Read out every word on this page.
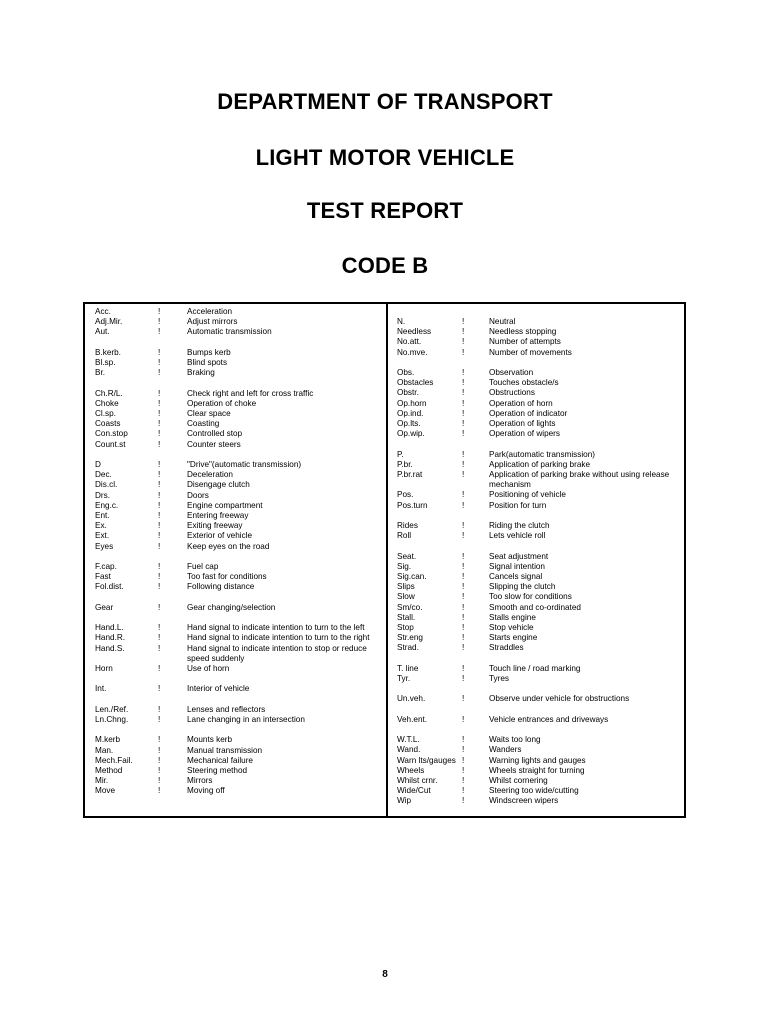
DEPARTMENT OF TRANSPORT
LIGHT MOTOR VEHICLE
TEST REPORT
CODE B
Acc.	!	Acceleration
Adj.Mir.	!	Adjust mirrors
Aut.	!	Automatic transmission
B.kerb.	!	Bumps kerb
Bl.sp.	!	Blind spots
Br.	!	Braking
Ch.R/L.	!	Check right and left for cross traffic
Choke	!	Operation of choke
Cl.sp.	!	Clear space
Coasts	!	Coasting
Con.stop	!	Controlled stop
Count.st	!	Counter steers
D	!	"Drive"(automatic transmission)
Dec.	!	Deceleration
Dis.cl.	!	Disengage clutch
Drs.	!	Doors
Eng.c.	!	Engine compartment
Ent.	!	Entering freeway
Ex.	!	Exiting freeway
Ext.	!	Exterior of vehicle
Eyes	!	Keep eyes on the road
F.cap.	!	Fuel cap
Fast	!	Too fast for conditions
Fol.dist.	!	Following distance
Gear	!	Gear changing/selection
Hand.L.	!	Hand signal to indicate intention to turn to the left
Hand.R.	!	Hand signal to indicate intention to turn to the right
Hand.S.	!	Hand signal to indicate intention to stop or reduce speed suddenly
Horn	!	Use of horn
Int.	!	Interior of vehicle
Len./Ref.	!	Lenses and reflectors
Ln.Chng.	!	Lane changing in an intersection
M.kerb	!	Mounts kerb
Man.	!	Manual transmission
Mech.Fail.	!	Mechanical failure
Method	!	Steering method
Mir.	!	Mirrors
Move	!	Moving off
N.	!	Neutral
Needless	!	Needless stopping
No.att.	!	Number of attempts
No.mve.	!	Number of movements
Obs.	!	Observation
Obstacles	!	Touches obstacle/s
Obstr.	!	Obstructions
Op.horn	!	Operation of horn
Op.ind.	!	Operation of indicator
Op.lts.	!	Operation of lights
Op.wip.	!	Operation of wipers
P.	!	Park(automatic transmission)
P.br.	!	Application of parking brake
P.br.rat	!	Application of parking brake without using release mechanism
Pos.	!	Positioning of vehicle
Pos.turn	!	Position for turn
Rides	!	Riding the clutch
Roll	!	Lets vehicle roll
Seat.	!	Seat adjustment
Sig.	!	Signal intention
Sig.can.	!	Cancels signal
Slips	!	Slipping the clutch
Slow	!	Too slow for conditions
Sm/co.	!	Smooth and co-ordinated
Stall.	!	Stalls engine
Stop	!	Stop vehicle
Str.eng	!	Starts engine
Strad.	!	Straddles
T. line	!	Touch line / road marking
Tyr.	!	Tyres
Un.veh.	!	Observe under vehicle for obstructions
Veh.ent.	!	Vehicle entrances and driveways
W.T.L.	!	Waits too long
Wand.	!	Wanders
Warn lts/gauges !	Warning lights and gauges
Wheels	!	Wheels straight for turning
Whilst crnr.	!	Whilst cornering
Wide/Cut	!	Steering too wide/cutting
Wip	!	Windscreen wipers
8
